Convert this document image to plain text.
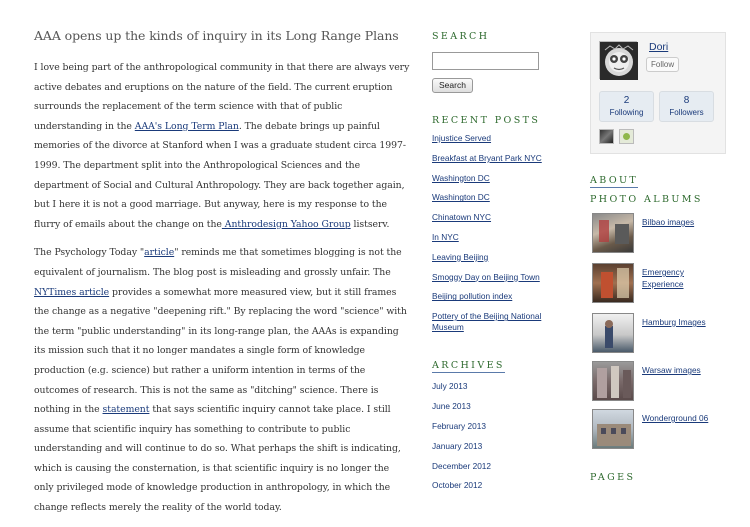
AAA opens up the kinds of inquiry in its Long Range Plans

I love being part of the anthropological community in that there are always very active debates and eruptions on the nature of the field. The current eruption surrounds the replacement of the term science with that of public understanding in the AAA's Long Term Plan. The debate brings up painful memories of the divorce at Stanford when I was a graduate student circa 1997-1999. The department split into the Anthropological Sciences and the department of Social and Cultural Anthropology. They are back together again, but I here it is not a good marriage. But anyway, here is my response to the flurry of emails about the change on the Anthrodesign Yahoo Group listserv.

The Psychology Today "article" reminds me that sometimes blogging is not the equivalent of journalism. The blog post is misleading and grossly unfair. The NYTimes article provides a somewhat more measured view, but it still frames the change as a negative "deepening rift." By replacing the word "science" with the term "public understanding" in its long-range plan, the AAAs is expanding its mission such that it no longer mandates a single form of knowledge production (e.g. science) but rather a uniform intention in terms of the outcomes of research. This is not the same as "ditching" science. There is nothing in the statement that says scientific inquiry cannot take place. I still assume that scientific inquiry has something to contribute to public understanding and will continue to do so. What perhaps the shift is indicating, which is causing the consternation, is that scientific inquiry is no longer the only privileged mode of knowledge production in anthropology, in which the change reflects merely the reality of the world today.

SEARCH
Search
RECENT POSTS
Injustice Served
Breakfast at Bryant Park NYC
Washington DC
Washington DC
Chinatown NYC
In NYC
Leaving Beijing
Smoggy Day on Beijing Town
Beijing pollution index
Pottery of the Beijing National Museum
ARCHIVES
July 2013
June 2013
February 2013
January 2013
December 2012
October 2012
Dori
Follow
2
Following
8
Followers
ABOUT
PHOTO ALBUMS
Bilbao images
Emergency Experience
Hamburg Images
Warsaw images
Wonderground 06
PAGES
